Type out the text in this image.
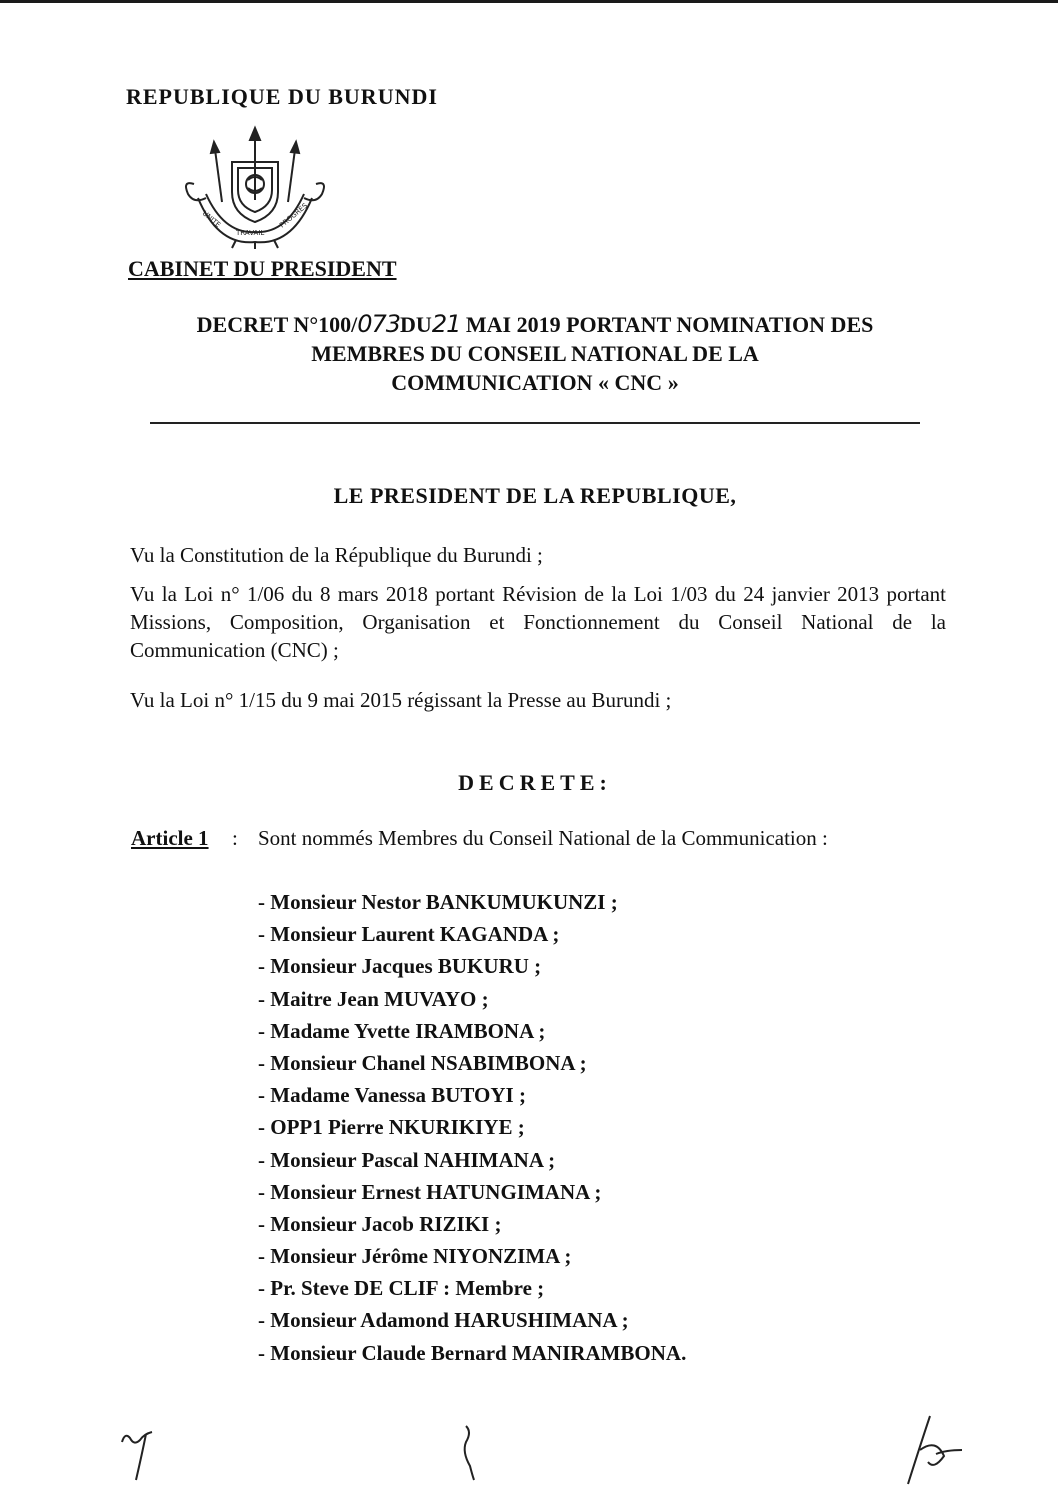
REPUBLIQUE DU BURUNDI
UNITE
TRAVAIL
PROGRES
CABINET DU PRESIDENT
DECRET N°100/073DU21 MAI 2019 PORTANT NOMINATION DES
MEMBRES DU CONSEIL NATIONAL DE LA
COMMUNICATION « CNC »
LE PRESIDENT DE LA REPUBLIQUE,
Vu la Constitution de la République du Burundi ;
Vu la Loi n° 1/06 du 8 mars 2018 portant Révision de la Loi 1/03 du 24 janvier 2013 portant Missions, Composition, Organisation et Fonctionnement du Conseil National de la Communication (CNC) ;
Vu la Loi n° 1/15 du 9 mai 2015 régissant la Presse au Burundi ;
DECRETE:
Article 1 : Sont nommés Membres du Conseil National de la Communication :
- Monsieur Nestor BANKUMUKUNZI ;
- Monsieur Laurent KAGANDA ;
- Monsieur Jacques BUKURU ;
- Maitre Jean MUVAYO ;
- Madame Yvette IRAMBONA ;
- Monsieur Chanel NSABIMBONA ;
- Madame Vanessa BUTOYI ;
- OPP1 Pierre NKURIKIYE ;
- Monsieur Pascal NAHIMANA ;
- Monsieur Ernest HATUNGIMANA ;
- Monsieur Jacob RIZIKI ;
- Monsieur Jérôme NIYONZIMA ;
- Pr. Steve DE CLIF : Membre ;
- Monsieur Adamond HARUSHIMANA ;
- Monsieur Claude Bernard MANIRAMBONA.
